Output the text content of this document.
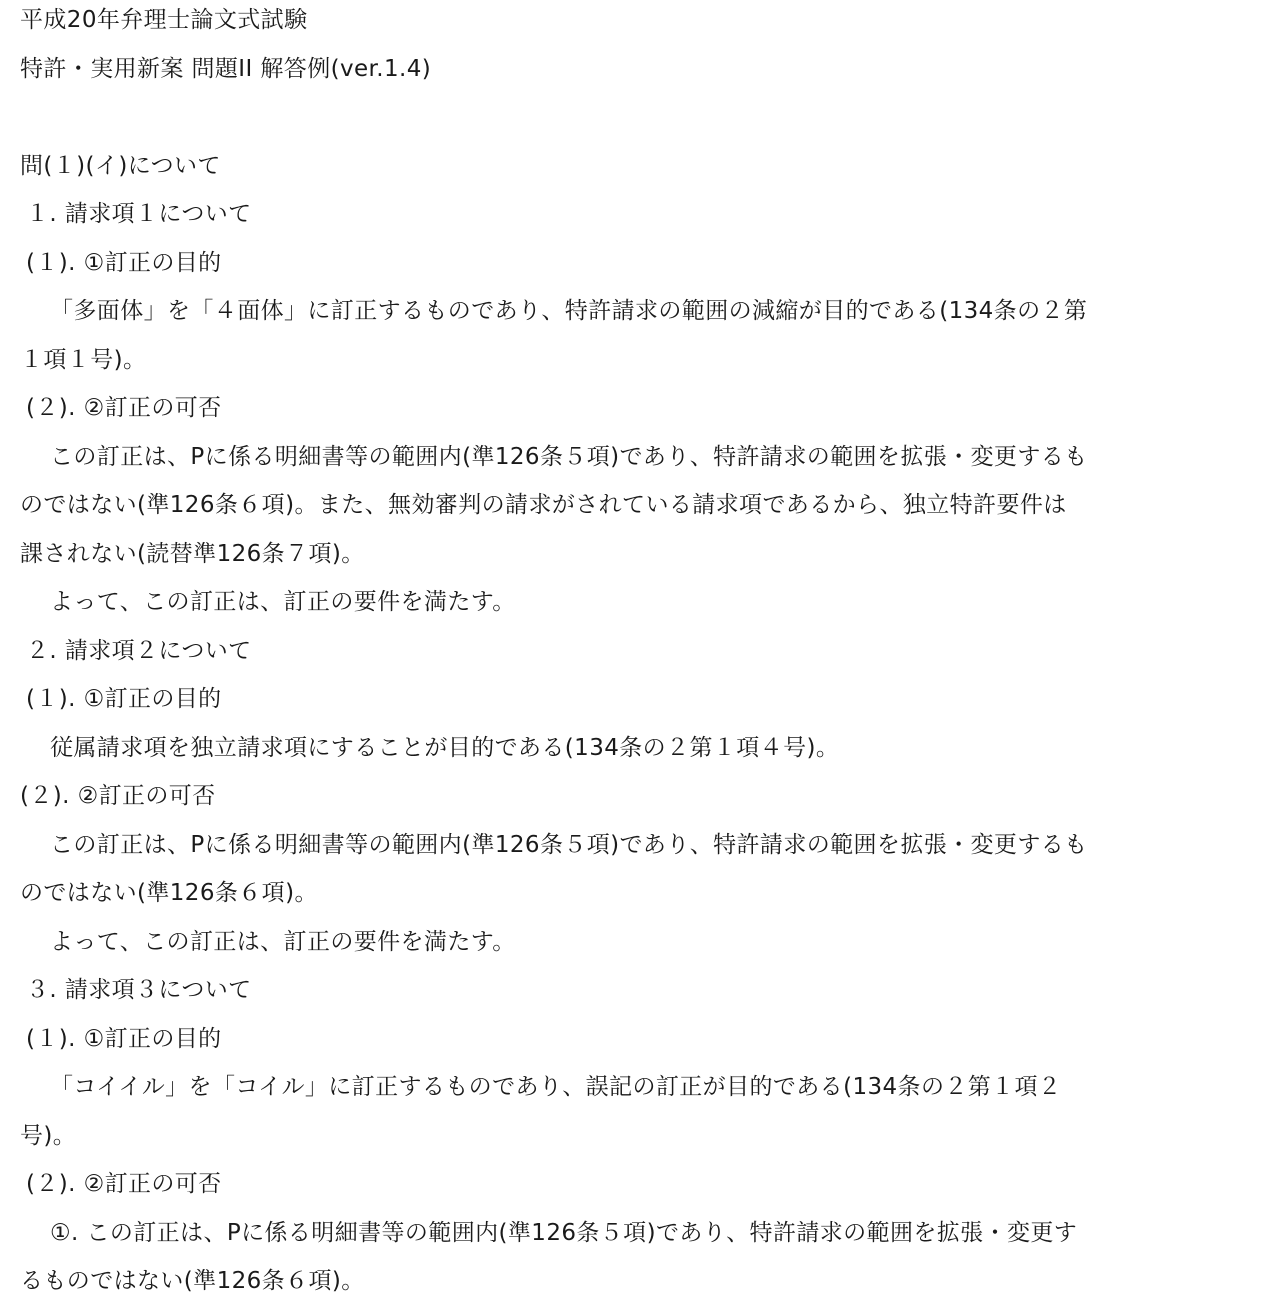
平成20年弁理士論文式試験
特許・実用新案 問題II 解答例(ver.1.4)
問(１)(イ)について
１. 請求項１について
(１). ①訂正の目的
「多面体」を「４面体」に訂正するものであり、特許請求の範囲の減縮が目的である(134条の２第
１項１号)。
(２). ②訂正の可否
この訂正は、Pに係る明細書等の範囲内(準126条５項)であり、特許請求の範囲を拡張・変更するも
のではない(準126条６項)。また、無効審判の請求がされている請求項であるから、独立特許要件は
課されない(読替準126条７項)。
よって、この訂正は、訂正の要件を満たす。
２. 請求項２について
(１). ①訂正の目的
従属請求項を独立請求項にすることが目的である(134条の２第１項４号)。
(２). ②訂正の可否
この訂正は、Pに係る明細書等の範囲内(準126条５項)であり、特許請求の範囲を拡張・変更するも
のではない(準126条６項)。
よって、この訂正は、訂正の要件を満たす。
３. 請求項３について
(１). ①訂正の目的
「コイイル」を「コイル」に訂正するものであり、誤記の訂正が目的である(134条の２第１項２
号)。
(２). ②訂正の可否
①. この訂正は、Pに係る明細書等の範囲内(準126条５項)であり、特許請求の範囲を拡張・変更す
るものではない(準126条６項)。
